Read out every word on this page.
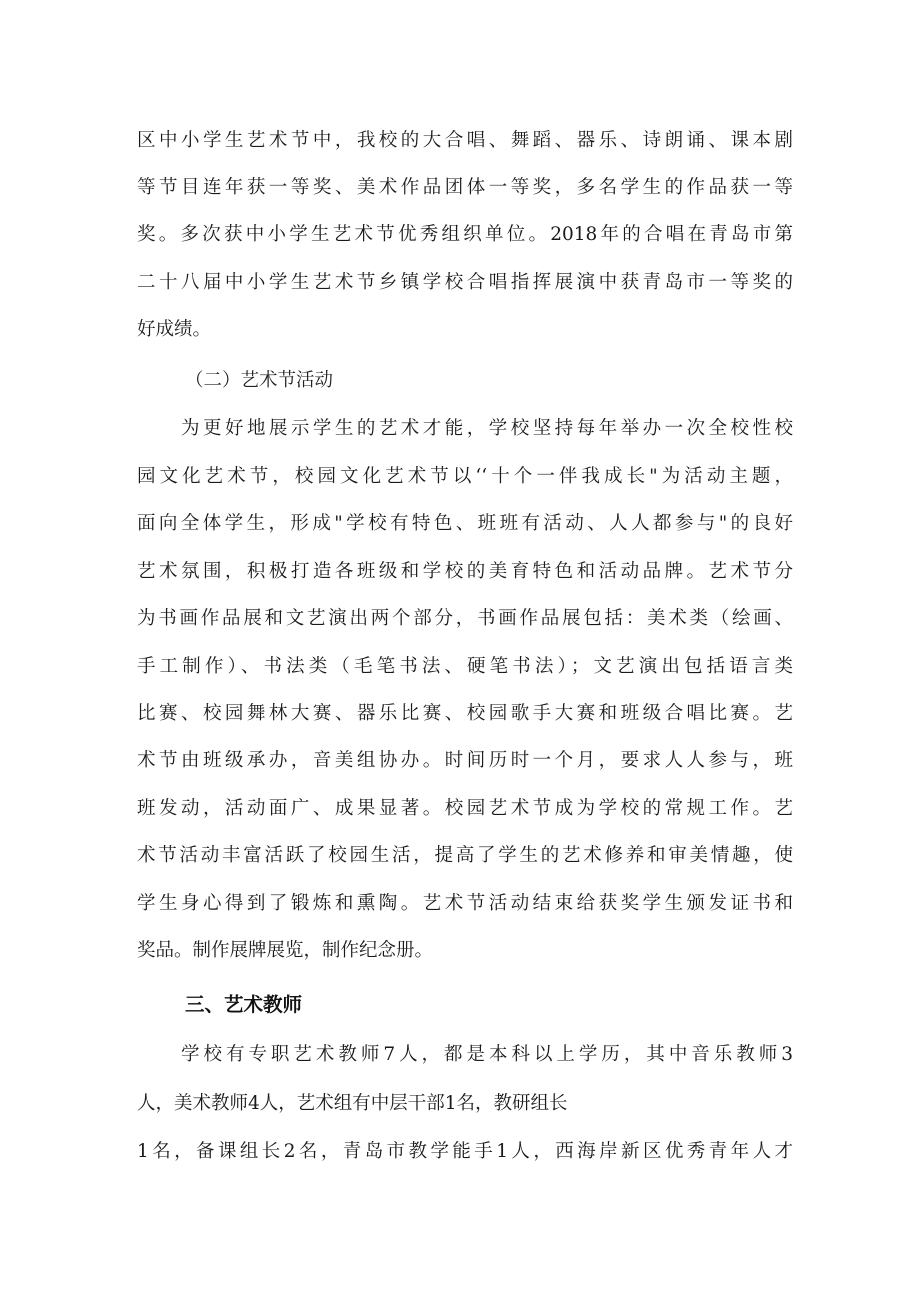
区中小学生艺术节中，我校的大合唱、舞蹈、器乐、诗朗诵、课本剧
等节目连年获一等奖、美术作品团体一等奖，多名学生的作品获一等
奖。多次获中小学生艺术节优秀组织单位。2018年的合唱在青岛市第
二十八届中小学生艺术节乡镇学校合唱指挥展演中获青岛市一等奖的
好成绩。
（二）艺术节活动
为更好地展示学生的艺术才能，学校坚持每年举办一次全校性校
园文化艺术节，校园文化艺术节以‘‘十个一伴我成长"为活动主题，
面向全体学生，形成"学校有特色、班班有活动、人人都参与"的良好
艺术氛围，积极打造各班级和学校的美育特色和活动品牌。艺术节分
为书画作品展和文艺演出两个部分，书画作品展包括：美术类（绘画、
手工制作）、书法类（毛笔书法、硬笔书法）；文艺演出包括语言类
比赛、校园舞林大赛、器乐比赛、校园歌手大赛和班级合唱比赛。艺
术节由班级承办，音美组协办。时间历时一个月，要求人人参与，班
班发动，活动面广、成果显著。校园艺术节成为学校的常规工作。艺
术节活动丰富活跃了校园生活，提高了学生的艺术修养和审美情趣，使
学生身心得到了锻炼和熏陶。艺术节活动结束给获奖学生颁发证书和
奖品。制作展牌展览，制作纪念册。
三、艺术教师
学校有专职艺术教师7人，都是本科以上学历，其中音乐教师3
人，美术教师4人，艺术组有中层干部1名，教研组长
1名，备课组长2名，青岛市教学能手1人，西海岸新区优秀青年人才
